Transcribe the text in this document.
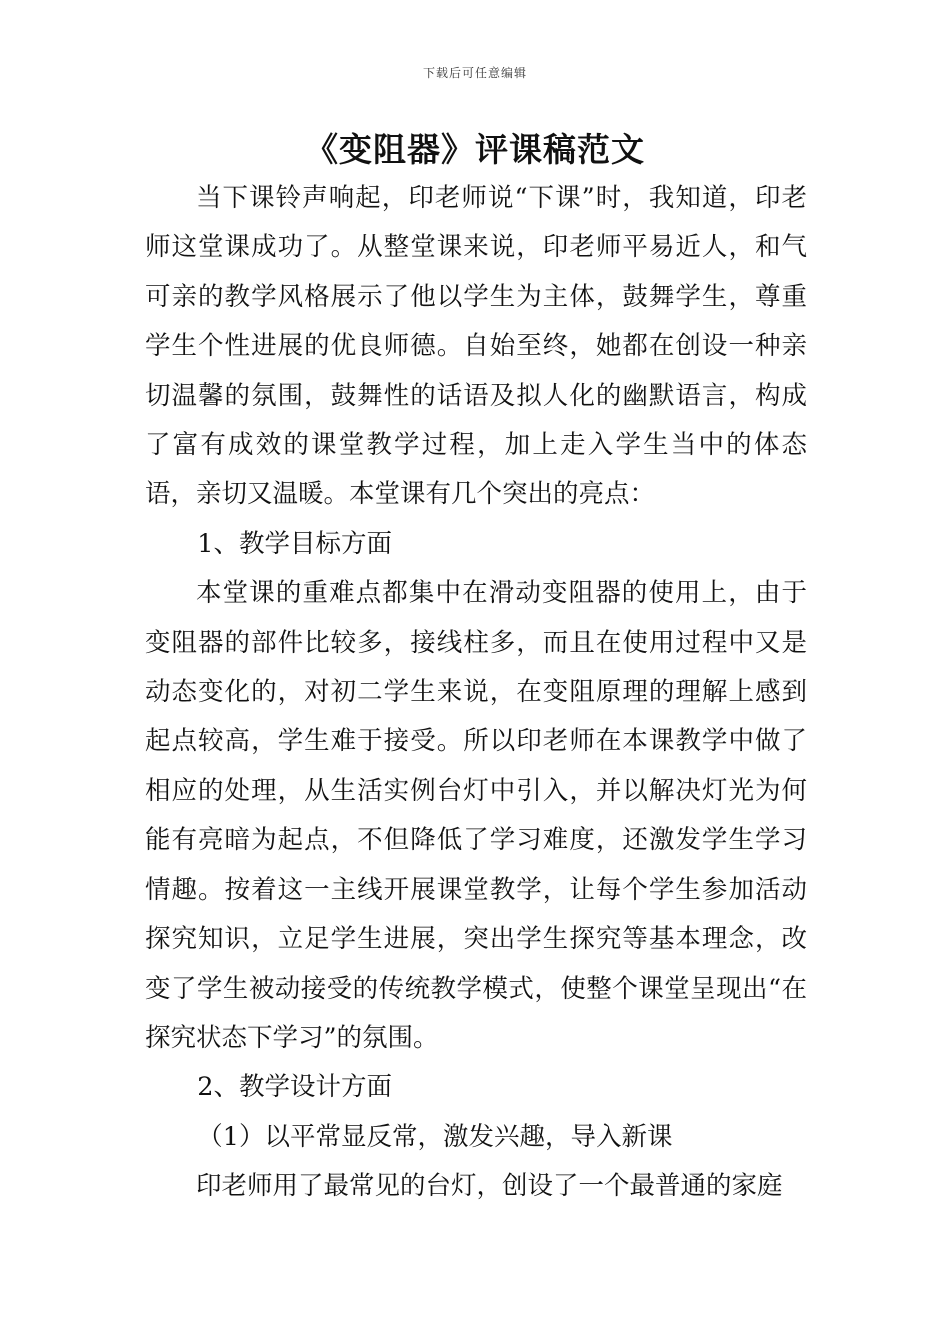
下载后可任意编辑
《变阻器》评课稿范文

当下课铃声响起，印老师说“下课”时，我知道，印老师这堂课成功了。从整堂课来说，印老师平易近人，和气可亲的教学风格展示了他以学生为主体，鼓舞学生，尊重学生个性进展的优良师德。自始至终，她都在创设一种亲切温馨的氛围，鼓舞性的话语及拟人化的幽默语言，构成了富有成效的课堂教学过程，加上走入学生当中的体态语，亲切又温暖。本堂课有几个突出的亮点：

1、教学目标方面

本堂课的重难点都集中在滑动变阻器的使用上，由于变阻器的部件比较多，接线柱多，而且在使用过程中又是动态变化的，对初二学生来说，在变阻原理的理解上感到起点较高，学生难于接受。所以印老师在本课教学中做了相应的处理，从生活实例台灯中引入，并以解决灯光为何能有亮暗为起点，不但降低了学习难度，还激发学生学习情趣。按着这一主线开展课堂教学，让每个学生参加活动探究知识，立足学生进展，突出学生探究等基本理念，改变了学生被动接受的传统教学模式，使整个课堂呈现出“在探究状态下学习”的氛围。

2、教学设计方面

（1）以平常显反常，激发兴趣，导入新课

印老师用了最常见的台灯，创设了一个最普通的家庭
